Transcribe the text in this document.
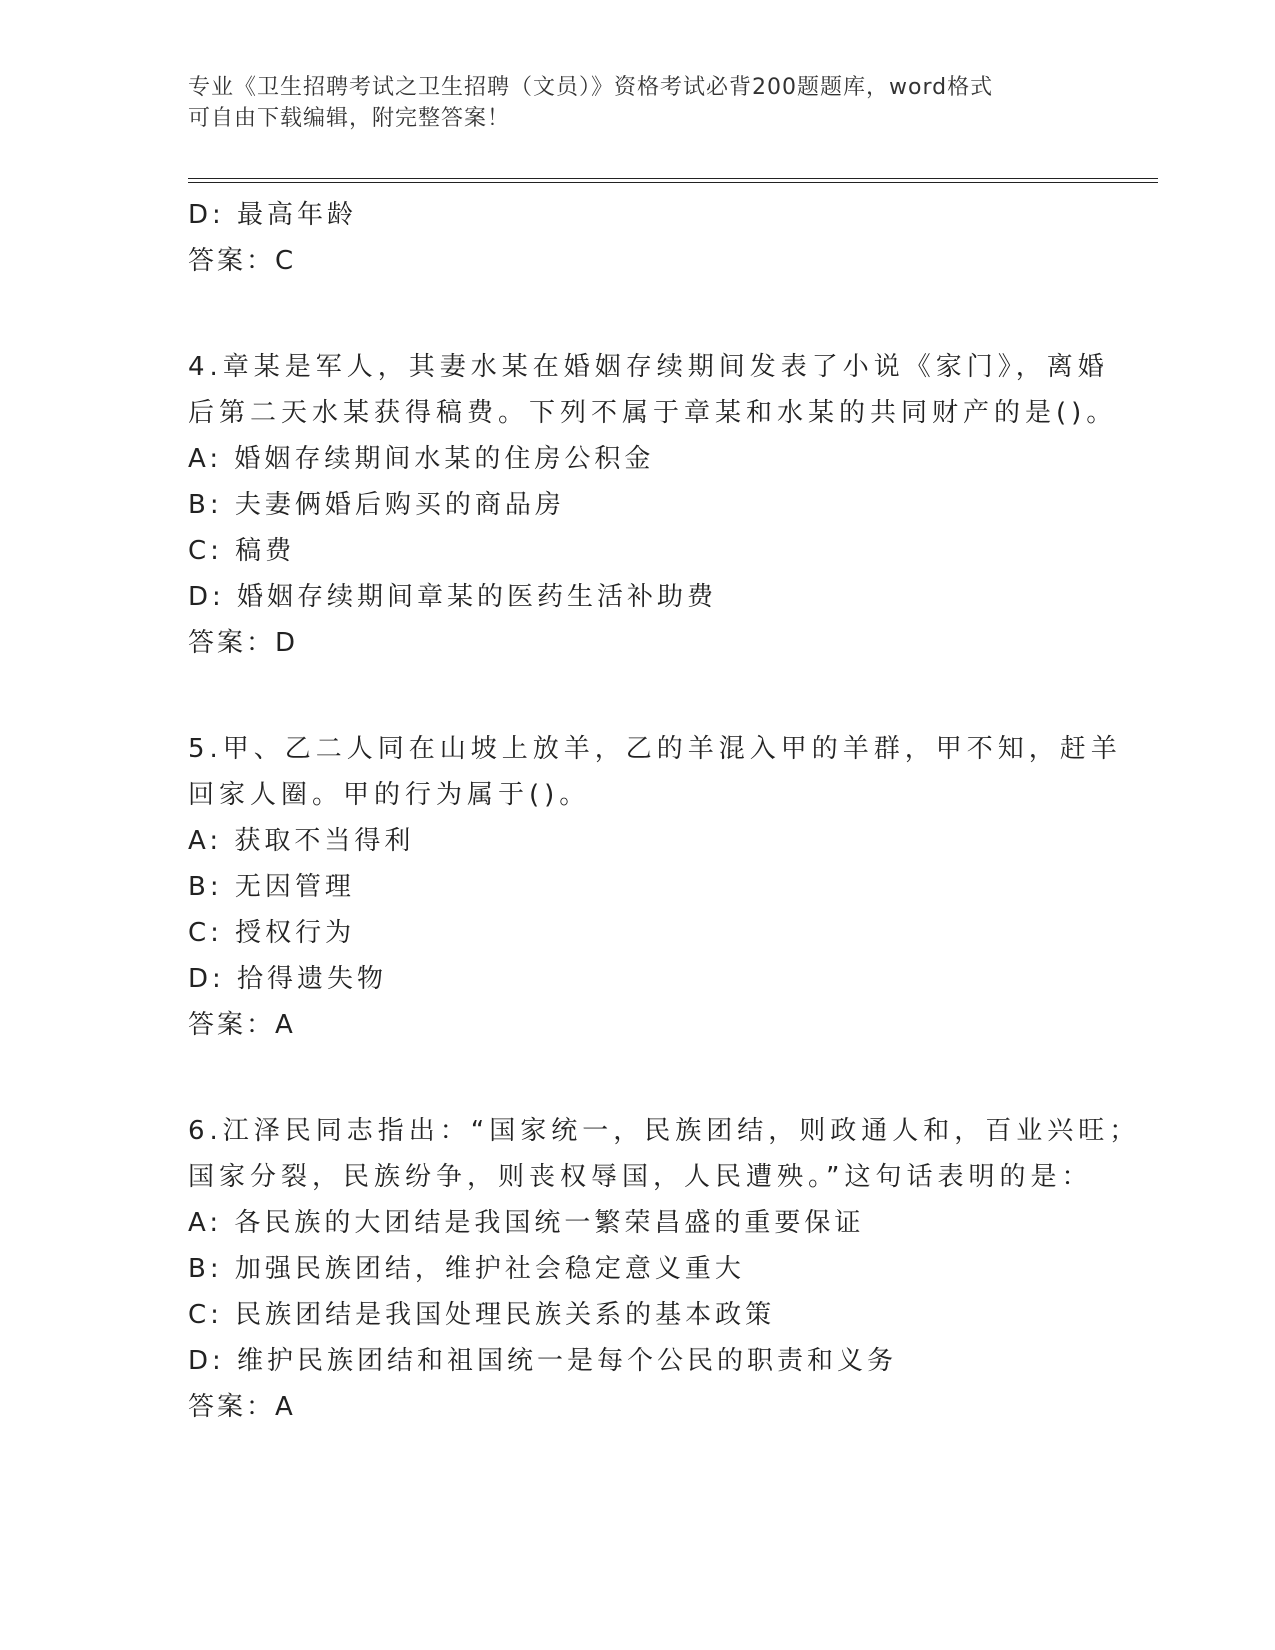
专业《卫生招聘考试之卫生招聘（文员）》资格考试必背200题题库，word格式
可自由下载编辑，附完整答案！
D: 最高年龄
答案：C
4.章某是军人，其妻水某在婚姻存续期间发表了小说《家门》，离婚
后第二天水某获得稿费。下列不属于章某和水某的共同财产的是()。
A: 婚姻存续期间水某的住房公积金
B: 夫妻俩婚后购买的商品房
C: 稿费
D: 婚姻存续期间章某的医药生活补助费
答案：D
5.甲、乙二人同在山坡上放羊，乙的羊混入甲的羊群，甲不知，赶羊
回家人圈。甲的行为属于()。
A: 获取不当得利
B: 无因管理
C: 授权行为
D: 拾得遗失物
答案：A
6.江泽民同志指出：“国家统一，民族团结，则政通人和，百业兴旺；
国家分裂，民族纷争，则丧权辱国，人民遭殃。”这句话表明的是：
A: 各民族的大团结是我国统一繁荣昌盛的重要保证
B: 加强民族团结，维护社会稳定意义重大
C: 民族团结是我国处理民族关系的基本政策
D: 维护民族团结和祖国统一是每个公民的职责和义务
答案：A
